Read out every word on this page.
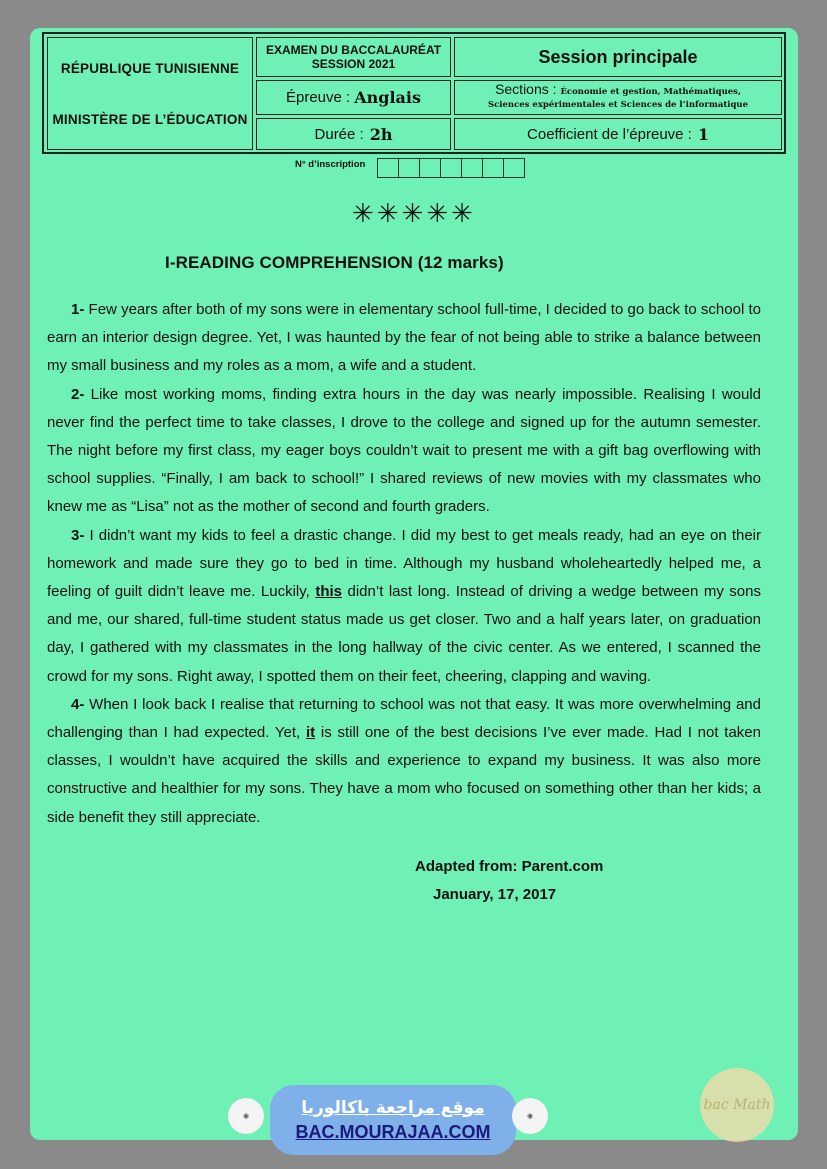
RÉPUBLIQUE TUNISIENNE
MINISTÈRE DE L’ÉDUCATION
EXAMEN DU BACCALAURÉAT
SESSION 2021
Épreuve : Anglais
Durée : 2h
Session principale
Sections : Économie et gestion, Mathématiques,
Sciences expérimentales et Sciences de l’informatique
Coefficient de l’épreuve : 1
N° d’inscription
✳✳✳✳✳
I-READING COMPREHENSION (12 marks)

1- Few years after both of my sons were in elementary school full-time, I decided to go back to school to earn an interior design degree. Yet, I was haunted by the fear of not being able to strike a balance between my small business and my roles as a mom, a wife and a student.

2- Like most working moms, finding extra hours in the day was nearly impossible. Realising I would never find the perfect time to take classes, I drove to the college and signed up for the autumn semester. The night before my first class, my eager boys couldn’t wait to present me with a gift bag overflowing with school supplies. “Finally, I am back to school!” I shared reviews of new movies with my classmates who knew me as “Lisa” not as the mother of second and fourth graders.

3- I didn’t want my kids to feel a drastic change. I did my best to get meals ready, had an eye on their homework and made sure they go to bed in time. Although my husband wholeheartedly helped me, a feeling of guilt didn’t leave me. Luckily, this didn’t last long. Instead of driving a wedge between my sons and me, our shared, full-time student status made us get closer. Two and a half years later, on graduation day, I gathered with my classmates in the long hallway of the civic center. As we entered, I scanned the crowd for my sons. Right away, I spotted them on their feet, cheering, clapping and waving.

4- When I look back I realise that returning to school was not that easy. It was more overwhelming and challenging than I had expected. Yet, it is still one of the best decisions I’ve ever made. Had I not taken classes, I wouldn’t have acquired the skills and experience to expand my business. It was also more constructive and healthier for my sons. They have a mom who focused on something other than her kids; a side benefit they still appreciate.

Adapted from: Parent.com
January, 17, 2017
◉	موقع مراجعة باكالوريا
BAC.MOURAJAA.COM
◉
bac Math
